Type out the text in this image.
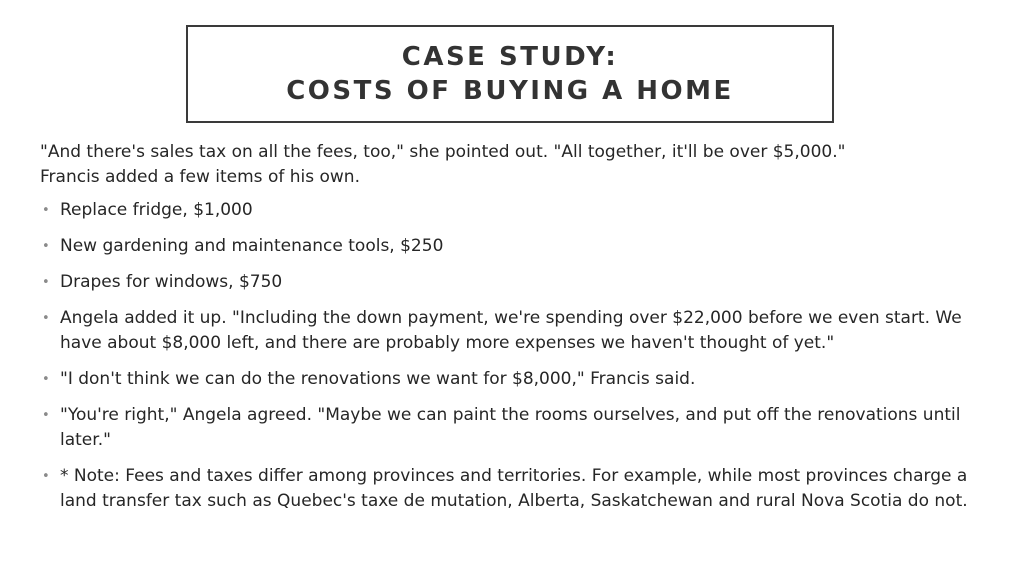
CASE STUDY:
COSTS OF BUYING A HOME
"And there's sales tax on all the fees, too," she pointed out. "All together, it'll be over $5,000."
Francis added a few items of his own.
• Replace fridge, $1,000
• New gardening and maintenance tools, $250
• Drapes for windows, $750
• Angela added it up. "Including the down payment, we're spending over $22,000 before we even start. We have about $8,000 left, and there are probably more expenses we haven't thought of yet."
• "I don't think we can do the renovations we want for $8,000," Francis said.
• "You're right," Angela agreed. "Maybe we can paint the rooms ourselves, and put off the renovations until later."
• * Note: Fees and taxes differ among provinces and territories. For example, while most provinces charge a land transfer tax such as Quebec's taxe de mutation, Alberta, Saskatchewan and rural Nova Scotia do not.
